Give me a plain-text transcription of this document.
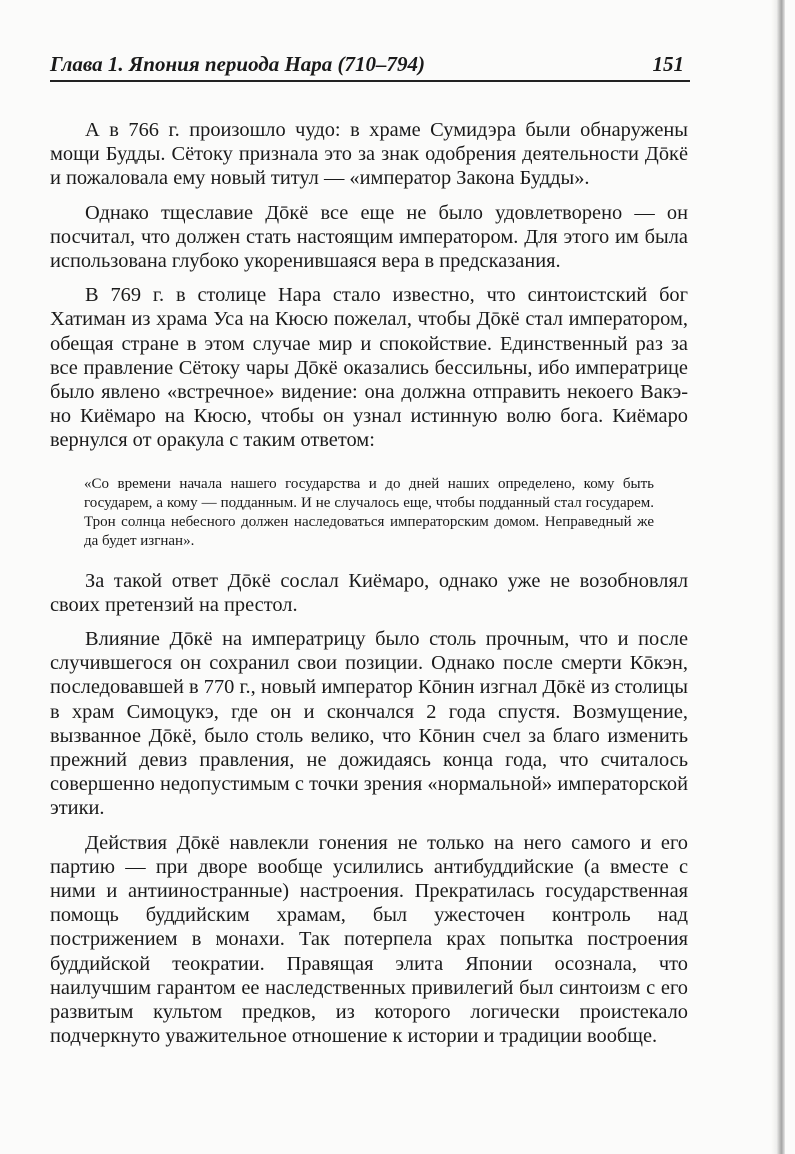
Глава 1. Япония периода Нара (710–794)	151

А в 766 г. произошло чудо: в храме Сумидэра были обнаружены мощи Будды. Сётоку признала это за знак одобрения деятельности Дōкё и пожаловала ему новый титул — «император Закона Будды».

Однако тщеславие Дōкё все еще не было удовлетворено — он посчитал, что должен стать настоящим императором. Для этого им была использована глубоко укоренившаяся вера в предсказания.

В 769 г. в столице Нара стало известно, что синтоистский бог Хатиман из храма Уса на Кюсю пожелал, чтобы Дōкё стал императором, обещая стране в этом случае мир и спокойствие. Единственный раз за все правление Сётоку чары Дōкё оказались бессильны, ибо императрице было явлено «встречное» видение: она должна отправить некоего Вакэ-но Киёмаро на Кюсю, чтобы он узнал истинную волю бога. Киёмаро вернулся от оракула с таким ответом:

«Со времени начала нашего государства и до дней наших определено, кому быть государем, а кому — подданным. И не случалось еще, чтобы подданный стал государем. Трон солнца небесного должен наследоваться императорским домом. Неправедный же да будет изгнан».

За такой ответ Дōкё сослал Киёмаро, однако уже не возобновлял своих претензий на престол.

Влияние Дōкё на императрицу было столь прочным, что и после случившегося он сохранил свои позиции. Однако после смерти Кōкэн, последовавшей в 770 г., новый император Кōнин изгнал Дōкё из столицы в храм Симоцукэ, где он и скончался 2 года спустя. Возмущение, вызванное Дōкё, было столь велико, что Кōнин счел за благо изменить прежний девиз правления, не дожидаясь конца года, что считалось совершенно недопустимым с точки зрения «нормальной» императорской этики.

Действия Дōкё навлекли гонения не только на него самого и его партию — при дворе вообще усилились антибуддийские (а вместе с ними и антииностранные) настроения. Прекратилась государственная помощь буддийским храмам, был ужесточен контроль над пострижением в монахи. Так потерпела крах попытка построения буддийской теократии. Правящая элита Японии осознала, что наилучшим гарантом ее наследственных привилегий был синтоизм с его развитым культом предков, из которого логически проистекало подчеркнуто уважительное отношение к истории и традиции вообще.
